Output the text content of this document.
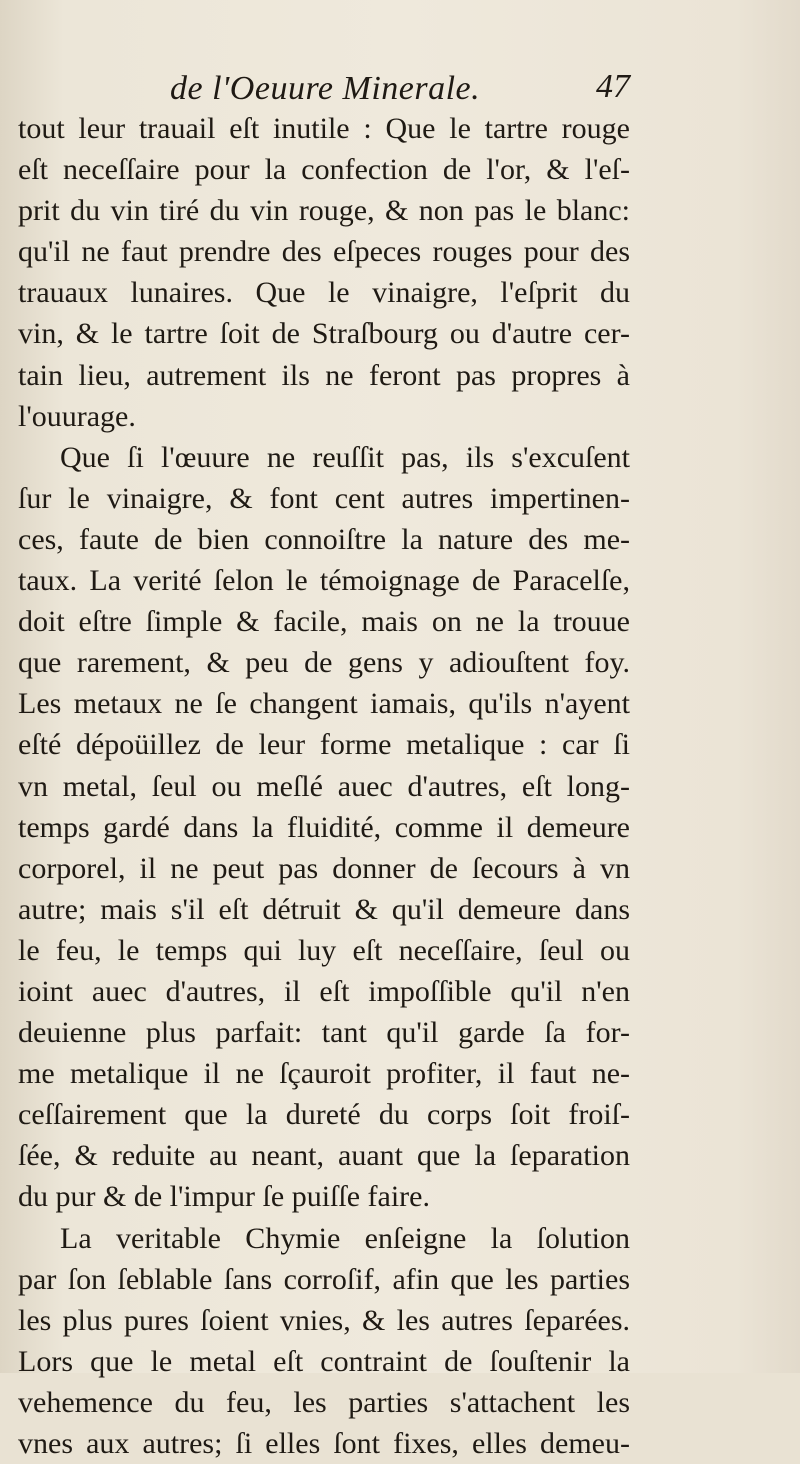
de l'Oeuure Minerale.	47
tout leur trauail eſt inutile : Que le tartre rouge
eſt neceſſaire pour la confection de l'or, & l'eſ-
prit du vin tiré du vin rouge, & non pas le blanc:
qu'il ne faut prendre des eſpeces rouges pour des
trauaux lunaires. Que le vinaigre, l'eſprit du
vin, & le tartre ſoit de Straſbourg ou d'autre cer-
tain lieu, autrement ils ne feront pas propres à
l'ouurage.
Que ſi l'œuure ne reuſſit pas, ils s'excuſent
ſur le vinaigre, & font cent autres impertinen-
ces, faute de bien connoiſtre la nature des me-
taux. La verité ſelon le témoignage de Paracelſe,
doit eſtre ſimple & facile, mais on ne la trouue
que rarement, & peu de gens y adiouſtent foy.
Les metaux ne ſe changent iamais, qu'ils n'ayent
eſté dépoüillez de leur forme metalique : car ſi
vn metal, ſeul ou meſlé auec d'autres, eſt long-
temps gardé dans la fluidité, comme il demeure
corporel, il ne peut pas donner de ſecours à vn
autre; mais s'il eſt détruit & qu'il demeure dans
le feu, le temps qui luy eſt neceſſaire, ſeul ou
ioint auec d'autres, il eſt impoſſible qu'il n'en
deuienne plus parfait: tant qu'il garde ſa for-
me metalique il ne ſçauroit profiter, il faut ne-
ceſſairement que la dureté du corps ſoit froiſ-
ſée, & reduite au neant, auant que la ſeparation
du pur & de l'impur ſe puiſſe faire.
La veritable Chymie enſeigne la ſolution
par ſon ſeblable ſans corroſif, afin que les parties
les plus pures ſoient vnies, & les autres ſeparées.
Lors que le metal eſt contraint de ſouſtenir la
vehemence du feu, les parties s'attachent les
vnes aux autres; ſi elles ſont fixes, elles demeu-
